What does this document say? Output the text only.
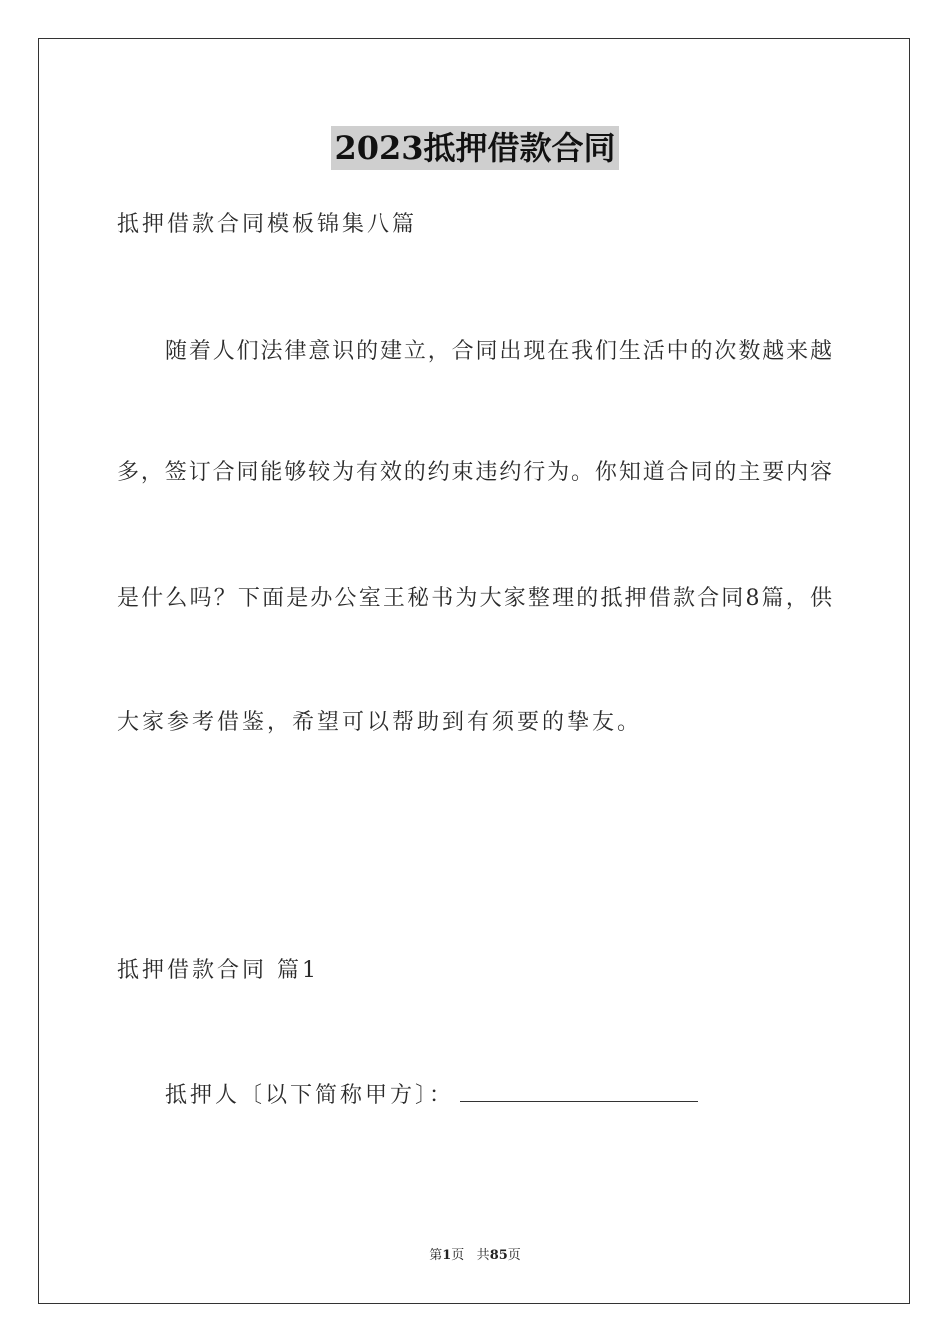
2023抵押借款合同
抵押借款合同模板锦集八篇
随着人们法律意识的建立，合同出现在我们生活中的次数越来越
多，签订合同能够较为有效的约束违约行为。你知道合同的主要内容
是什么吗？下面是办公室王秘书为大家整理的抵押借款合同8篇，供
大家参考借鉴，希望可以帮助到有须要的挚友。
抵押借款合同 篇1
抵押人〔以下简称甲方〕：
第1页 共85页
